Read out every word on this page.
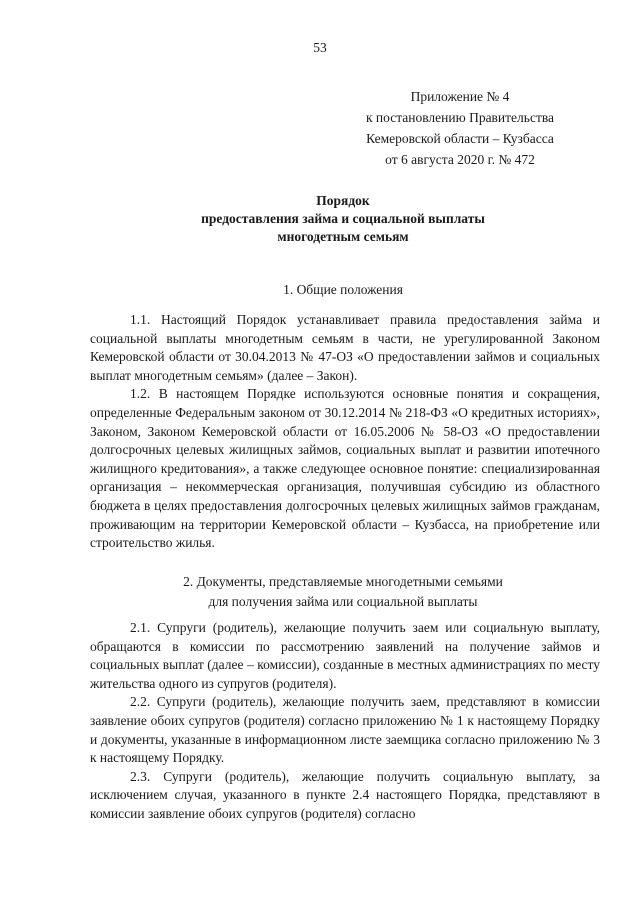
53
Приложение № 4
к постановлению Правительства
Кемеровской области – Кузбасса
от 6 августа 2020 г. № 472
Порядок
предоставления займа и социальной выплаты
многодетным семьям
1. Общие положения

1.1. Настоящий Порядок устанавливает правила предоставления займа и социальной выплаты многодетным семьям в части, не урегулированной Законом Кемеровской области от 30.04.2013 № 47-ОЗ «О предоставлении займов и социальных выплат многодетным семьям» (далее – Закон).

1.2. В настоящем Порядке используются основные понятия и сокращения, определенные Федеральным законом от 30.12.2014 № 218-ФЗ «О кредитных историях», Законом, Законом Кемеровской области от 16.05.2006 № 58-ОЗ «О предоставлении долгосрочных целевых жилищных займов, социальных выплат и развитии ипотечного жилищного кредитования», а также следующее основное понятие: специализированная организация – некоммерческая организация, получившая субсидию из областного бюджета в целях предоставления долгосрочных целевых жилищных займов гражданам, проживающим на территории Кемеровской области – Кузбасса, на приобретение или строительство жилья.

2. Документы, представляемые многодетными семьями
для получения займа или социальной выплаты

2.1. Супруги (родитель), желающие получить заем или социальную выплату, обращаются в комиссии по рассмотрению заявлений на получение займов и социальных выплат (далее – комиссии), созданные в местных администрациях по месту жительства одного из супругов (родителя).

2.2. Супруги (родитель), желающие получить заем, представляют в комиссии заявление обоих супругов (родителя) согласно приложению № 1 к настоящему Порядку и документы, указанные в информационном листе заемщика согласно приложению № 3 к настоящему Порядку.

2.3. Супруги (родитель), желающие получить социальную выплату, за исключением случая, указанного в пункте 2.4 настоящего Порядка, представляют в комиссии заявление обоих супругов (родителя) согласно
